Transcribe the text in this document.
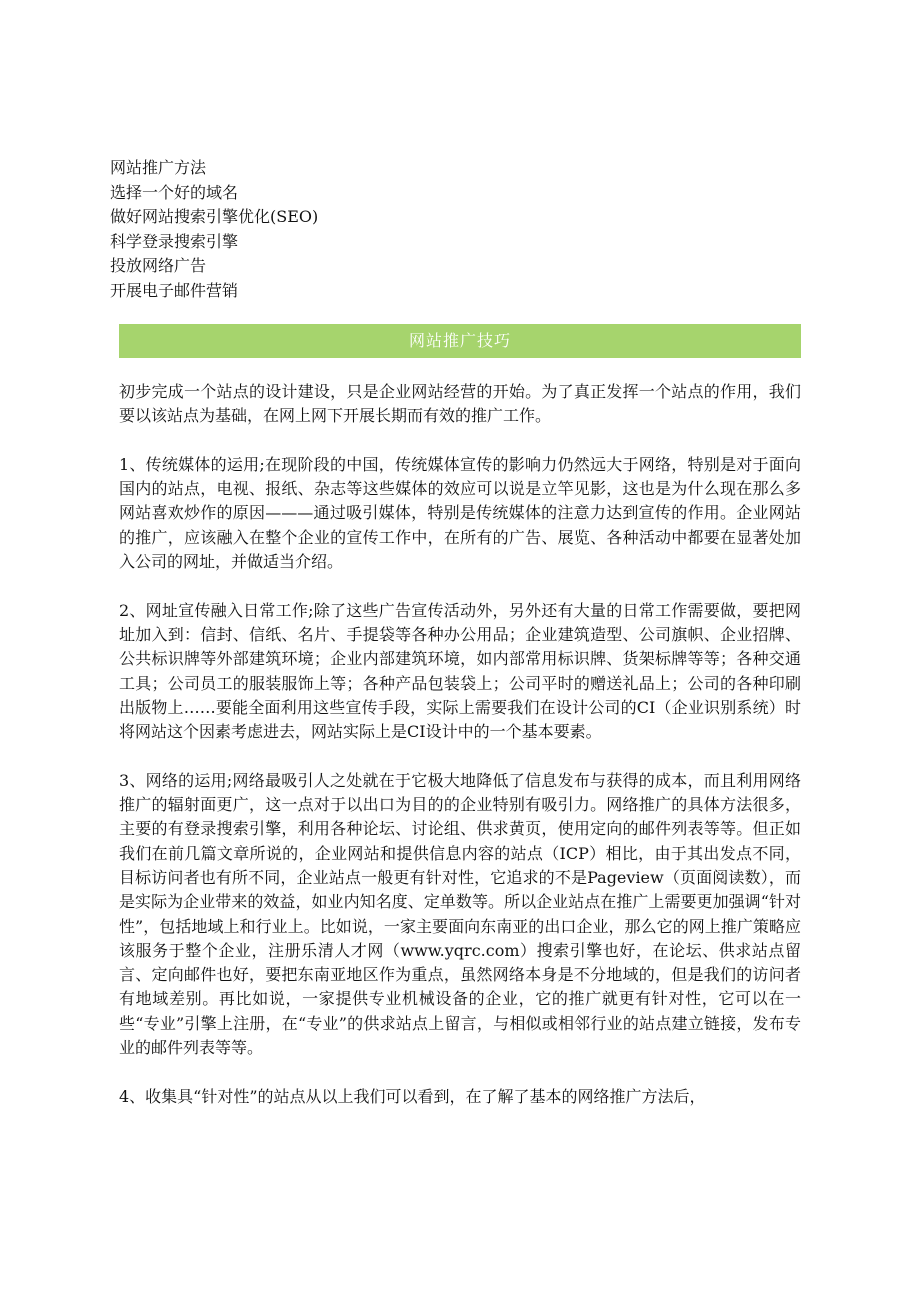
网站推广方法
选择一个好的域名
做好网站搜索引擎优化(SEO)
科学登录搜索引擎
投放网络广告
开展电子邮件营销
网站推广技巧

初步完成一个站点的设计建设，只是企业网站经营的开始。为了真正发挥一个站点的作用，我们要以该站点为基础，在网上网下开展长期而有效的推广工作。

1、传统媒体的运用;在现阶段的中国，传统媒体宣传的影响力仍然远大于网络，特别是对于面向国内的站点，电视、报纸、杂志等这些媒体的效应可以说是立竿见影，这也是为什么现在那么多网站喜欢炒作的原因———通过吸引媒体，特别是传统媒体的注意力达到宣传的作用。企业网站的推广，应该融入在整个企业的宣传工作中，在所有的广告、展览、各种活动中都要在显著处加入公司的网址，并做适当介绍。

2、网址宣传融入日常工作;除了这些广告宣传活动外，另外还有大量的日常工作需要做，要把网址加入到：信封、信纸、名片、手提袋等各种办公用品；企业建筑造型、公司旗帜、企业招牌、公共标识牌等外部建筑环境；企业内部建筑环境，如内部常用标识牌、货架标牌等等；各种交通工具；公司员工的服装服饰上等；各种产品包装袋上；公司平时的赠送礼品上；公司的各种印刷出版物上……要能全面利用这些宣传手段，实际上需要我们在设计公司的CI（企业识别系统）时将网站这个因素考虑进去，网站实际上是CI设计中的一个基本要素。

3、网络的运用;网络最吸引人之处就在于它极大地降低了信息发布与获得的成本，而且利用网络推广的辐射面更广，这一点对于以出口为目的的企业特别有吸引力。网络推广的具体方法很多，主要的有登录搜索引擎，利用各种论坛、讨论组、供求黄页，使用定向的邮件列表等等。但正如我们在前几篇文章所说的，企业网站和提供信息内容的站点（ICP）相比，由于其出发点不同，目标访问者也有所不同，企业站点一般更有针对性，它追求的不是Pageview（页面阅读数），而是实际为企业带来的效益，如业内知名度、定单数等。所以企业站点在推广上需要更加强调“针对性”，包括地域上和行业上。比如说，一家主要面向东南亚的出口企业，那么它的网上推广策略应该服务于整个企业，注册乐清人才网（www.yqrc.com）搜索引擎也好，在论坛、供求站点留言、定向邮件也好，要把东南亚地区作为重点，虽然网络本身是不分地域的，但是我们的访问者有地域差别。再比如说，一家提供专业机械设备的企业，它的推广就更有针对性，它可以在一些“专业”引擎上注册，在“专业”的供求站点上留言，与相似或相邻行业的站点建立链接，发布专业的邮件列表等等。

4、收集具“针对性”的站点从以上我们可以看到，在了解了基本的网络推广方法后，
